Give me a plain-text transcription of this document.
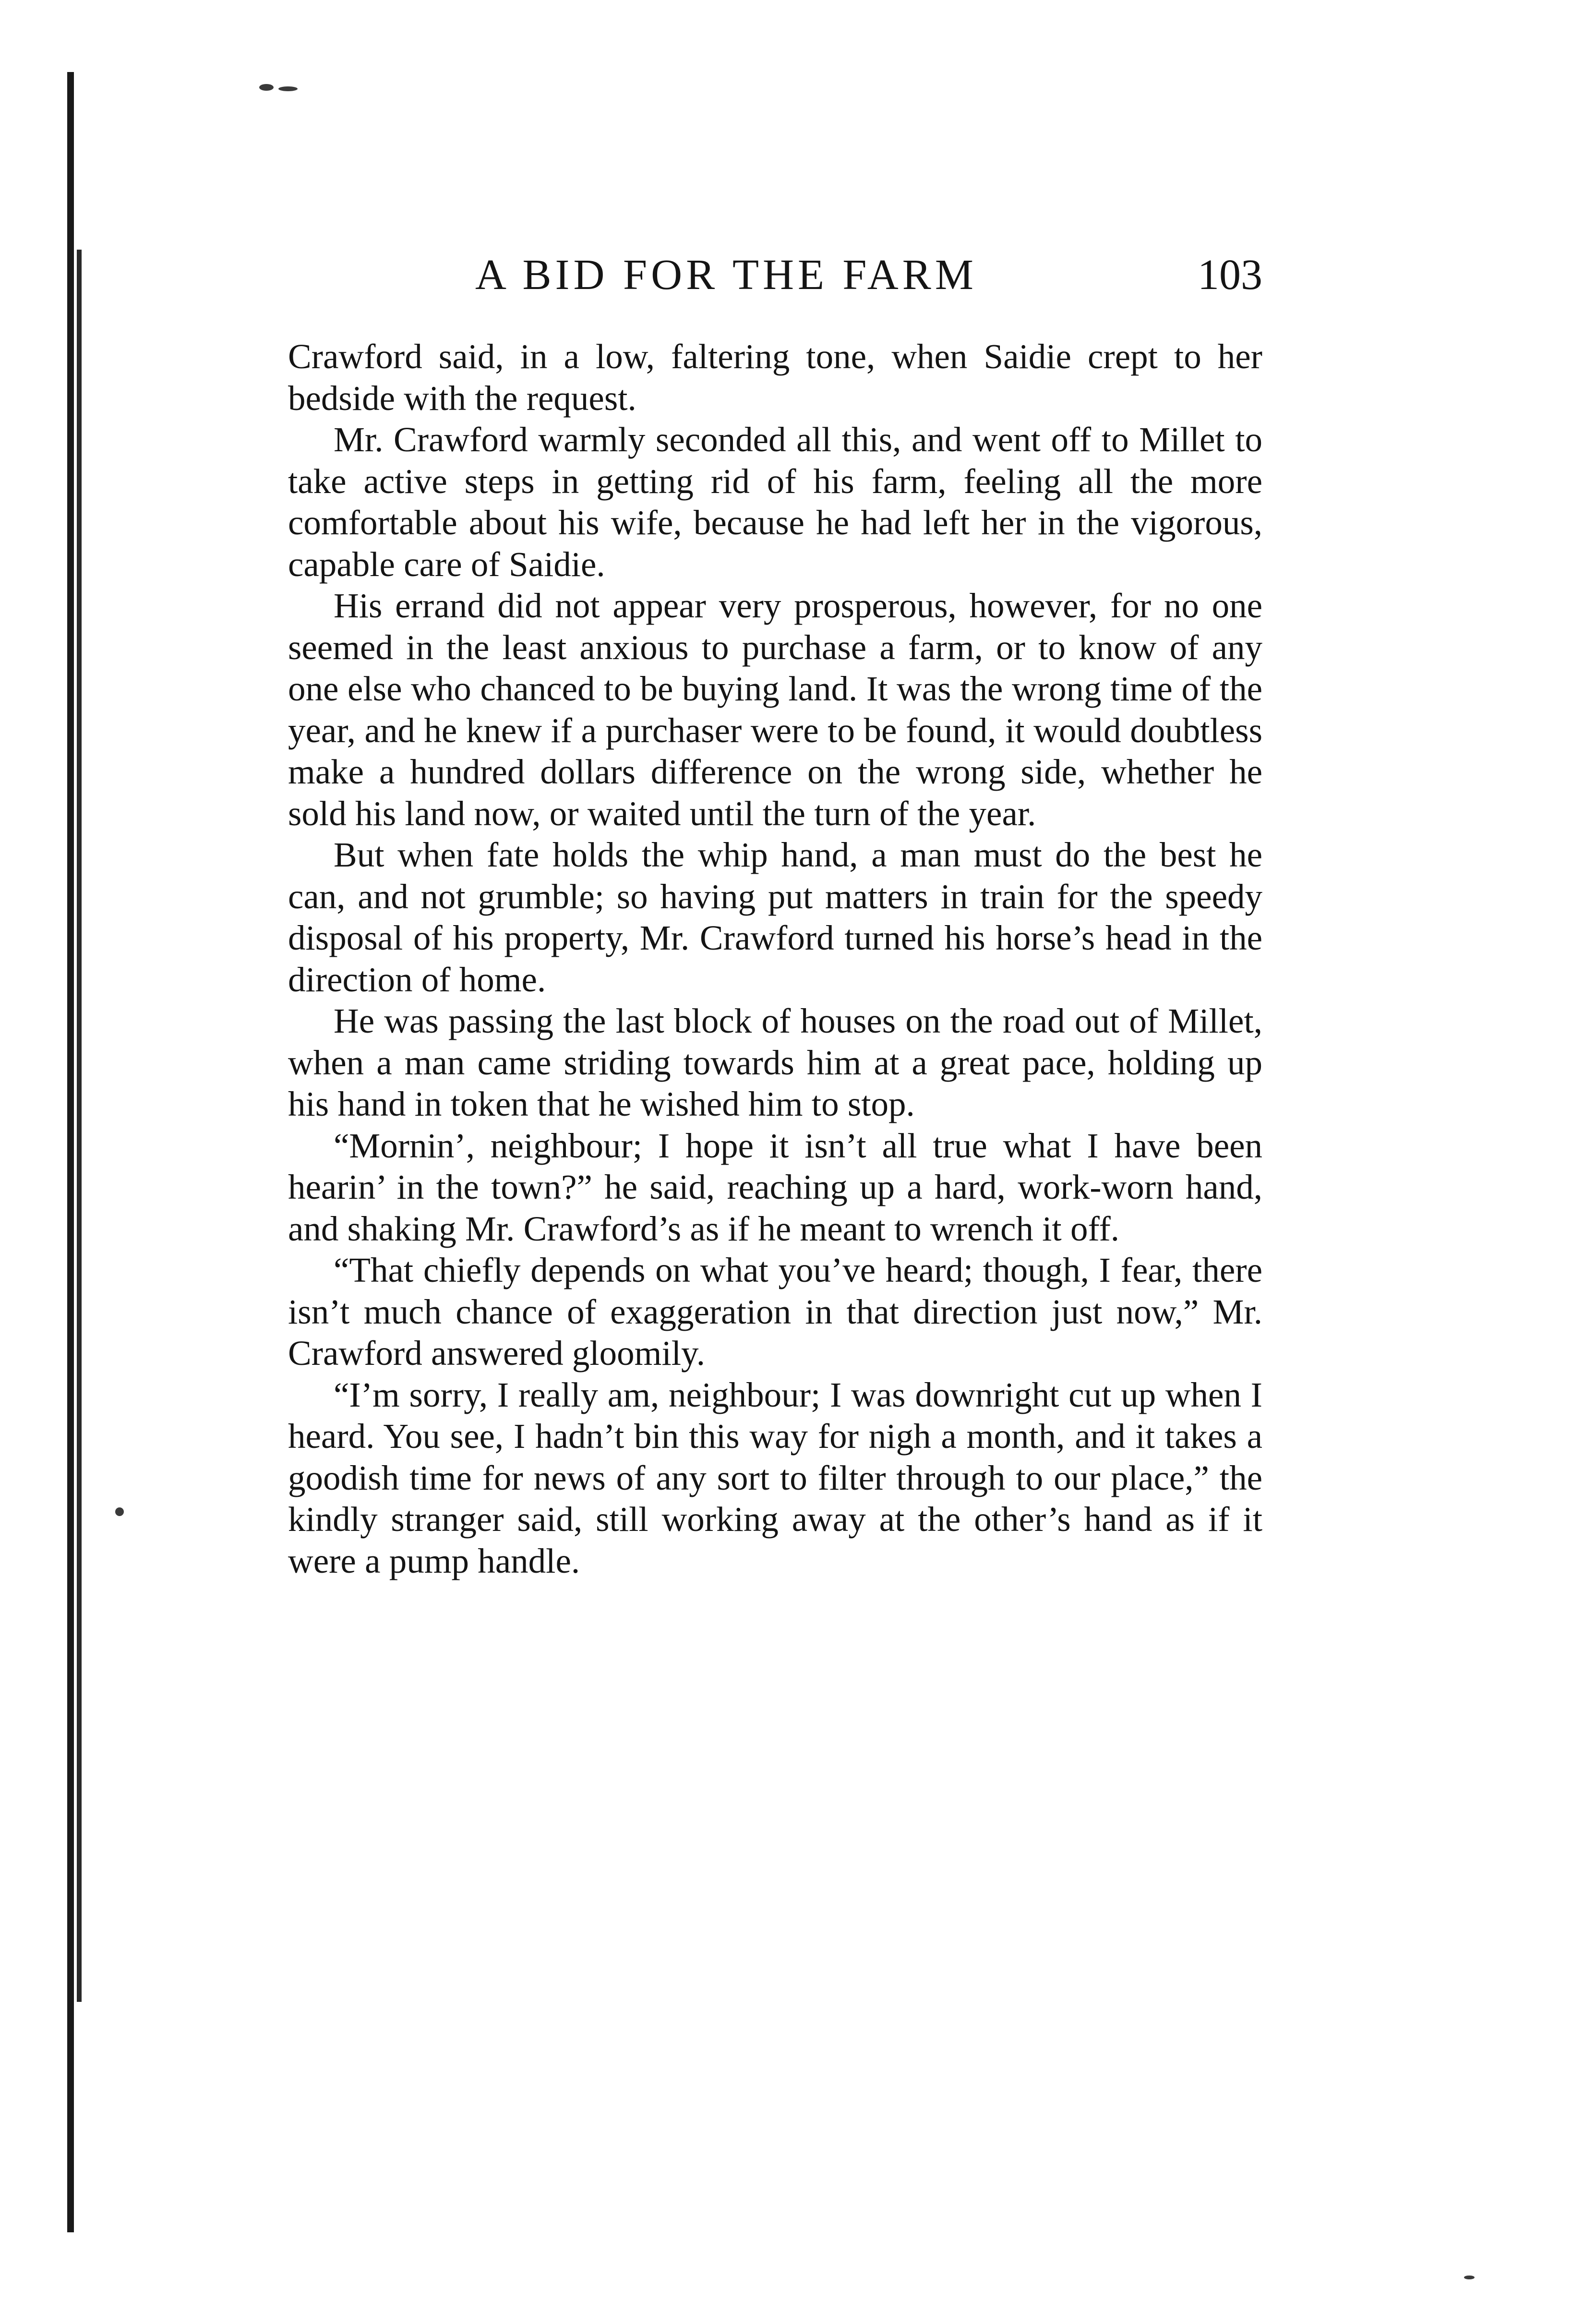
A BID FOR THE FARM	103

Crawford said, in a low, faltering tone, when Saidie crept to her bedside with the request.

Mr. Crawford warmly seconded all this, and went off to Millet to take active steps in getting rid of his farm, feeling all the more comfortable about his wife, because he had left her in the vigorous, capable care of Saidie.

His errand did not appear very prosperous, however, for no one seemed in the least anxious to purchase a farm, or to know of any one else who chanced to be buying land. It was the wrong time of the year, and he knew if a purchaser were to be found, it would doubtless make a hundred dollars difference on the wrong side, whether he sold his land now, or waited until the turn of the year.

But when fate holds the whip hand, a man must do the best he can, and not grumble; so having put matters in train for the speedy disposal of his property, Mr. Crawford turned his horse’s head in the direction of home.

He was passing the last block of houses on the road out of Millet, when a man came striding towards him at a great pace, holding up his hand in token that he wished him to stop.

“Mornin’, neighbour; I hope it isn’t all true what I have been hearin’ in the town?” he said, reaching up a hard, work-worn hand, and shaking Mr. Crawford’s as if he meant to wrench it off.

“That chiefly depends on what you’ve heard; though, I fear, there isn’t much chance of exaggeration in that direction just now,” Mr. Crawford answered gloomily.

“I’m sorry, I really am, neighbour; I was downright cut up when I heard. You see, I hadn’t bin this way for nigh a month, and it takes a goodish time for news of any sort to filter through to our place,” the kindly stranger said, still working away at the other’s hand as if it were a pump handle.
